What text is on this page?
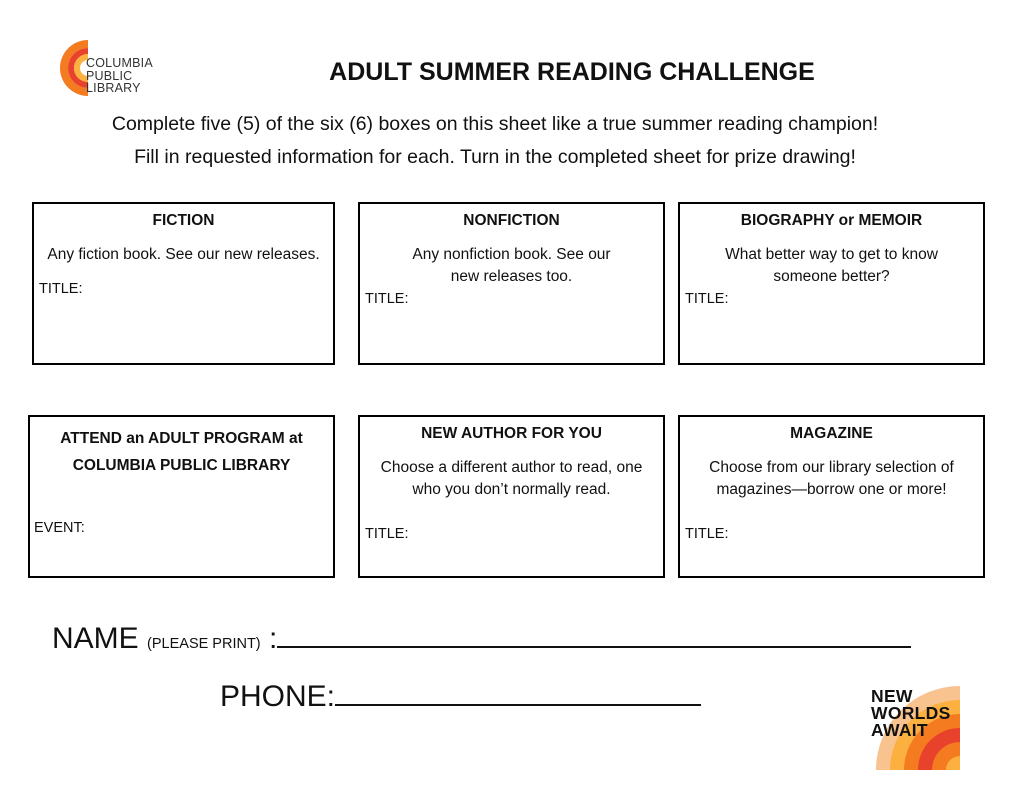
COLUMBIA
PUBLIC
LIBRARY
ADULT SUMMER READING CHALLENGE
Complete five (5) of the six (6) boxes on this sheet like a true summer reading champion!
Fill in requested information for each. Turn in the completed sheet for prize drawing!
FICTION
Any fiction book. See our new releases.
TITLE:
NONFICTION
Any nonfiction book. See our new releases too.
TITLE:
BIOGRAPHY or MEMOIR
What better way to get to know someone better?
TITLE:
ATTEND an ADULT PROGRAM at COLUMBIA PUBLIC LIBRARY
EVENT:
NEW AUTHOR FOR YOU
Choose a different author to read, one who you don’t normally read.
TITLE:
MAGAZINE
Choose from our library selection of magazines—borrow one or more!
TITLE:
NAME (PLEASE PRINT) :
PHONE:	NEW
WORLDS
AWAIT
